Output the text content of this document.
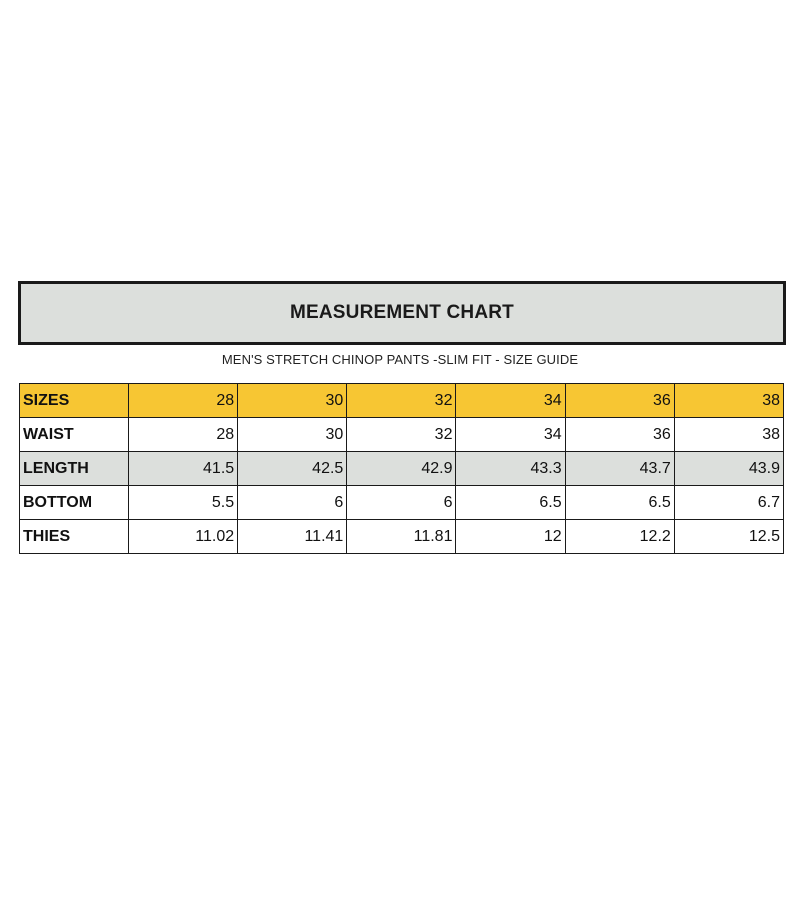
MEASUREMENT CHART
MEN'S STRETCH CHINOP PANTS -SLIM FIT - SIZE GUIDE
SIZES	28	30	32	34	36	38
WAIST	28	30	32	34	36	38
LENGTH	41.5	42.5	42.9	43.3	43.7	43.9
BOTTOM	5.5	6	6	6.5	6.5	6.7
THIES	11.02	11.41	11.81	12	12.2	12.5
